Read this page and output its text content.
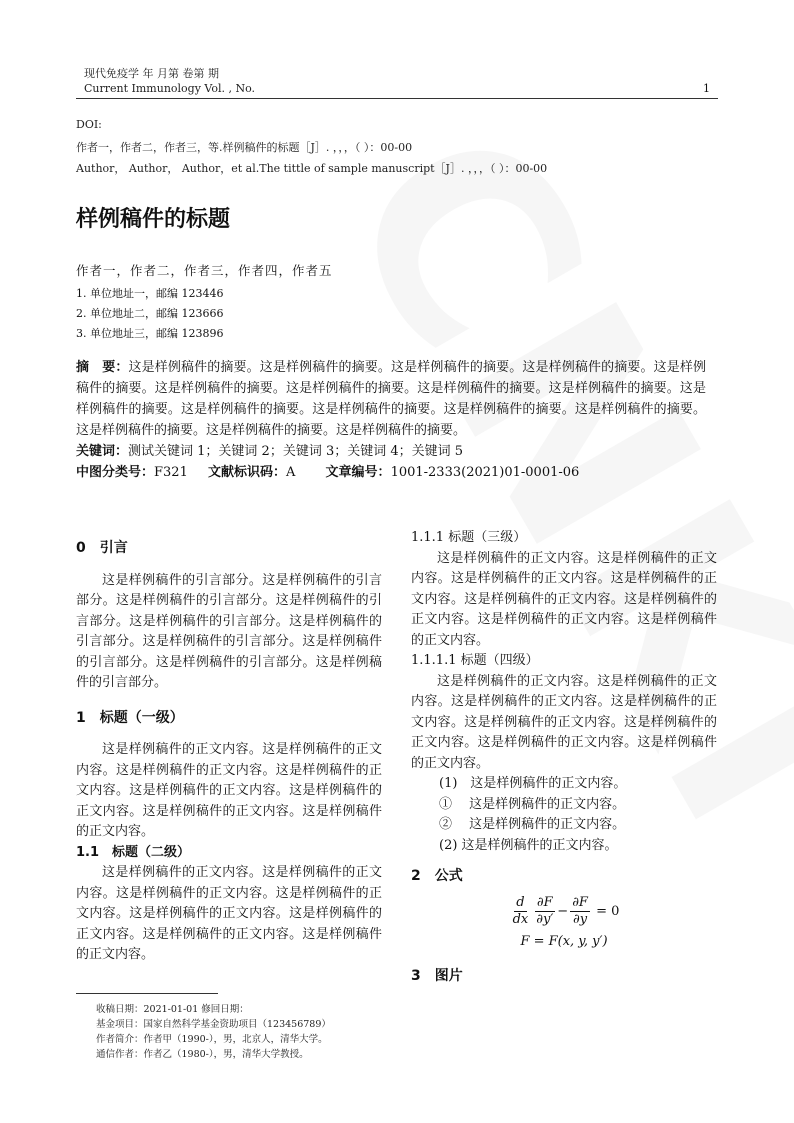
现代免疫学 年 月第 卷第 期
Current Immunology Vol. , No.	1
DOI:
作者一，作者二，作者三，等.样例稿件的标题［J］. ，，，（ ）：00-00
Author， Author， Author，et al.The tittle of sample manuscript［J］. ，，，（ ）：00-00
样例稿件的标题
作者一，作者二，作者三，作者四，作者五
1. 单位地址一，邮编 123446
2. 单位地址二，邮编 123666
3. 单位地址三，邮编 123896
摘　要：这是样例稿件的摘要。这是样例稿件的摘要。这是样例稿件的摘要。这是样例稿件的摘要。这是样例稿件的摘要。这是样例稿件的摘要。这是样例稿件的摘要。这是样例稿件的摘要。这是样例稿件的摘要。这是样例稿件的摘要。这是样例稿件的摘要。这是样例稿件的摘要。这是样例稿件的摘要。这是样例稿件的摘要。这是样例稿件的摘要。这是样例稿件的摘要。这是样例稿件的摘要。
关键词：测试关键词 1；关键词 2；关键词 3；关键词 4；关键词 5
中图分类号：F321 文献标识码：A 文章编号：1001-2333(2021)01-0001-06
0　引言

这是样例稿件的引言部分。这是样例稿件的引言部分。这是样例稿件的引言部分。这是样例稿件的引言部分。这是样例稿件的引言部分。这是样例稿件的引言部分。这是样例稿件的引言部分。这是样例稿件的引言部分。这是样例稿件的引言部分。这是样例稿件的引言部分。

1　标题（一级）

这是样例稿件的正文内容。这是样例稿件的正文内容。这是样例稿件的正文内容。这是样例稿件的正文内容。这是样例稿件的正文内容。这是样例稿件的正文内容。这是样例稿件的正文内容。这是样例稿件的正文内容。

1.1　标题（二级）

这是样例稿件的正文内容。这是样例稿件的正文内容。这是样例稿件的正文内容。这是样例稿件的正文内容。这是样例稿件的正文内容。这是样例稿件的正文内容。这是样例稿件的正文内容。这是样例稿件的正文内容。

1.1.1 标题（三级）

这是样例稿件的正文内容。这是样例稿件的正文内容。这是样例稿件的正文内容。这是样例稿件的正文内容。这是样例稿件的正文内容。这是样例稿件的正文内容。这是样例稿件的正文内容。这是样例稿件的正文内容。

1.1.1.1 标题（四级）

这是样例稿件的正文内容。这是样例稿件的正文内容。这是样例稿件的正文内容。这是样例稿件的正文内容。这是样例稿件的正文内容。这是样例稿件的正文内容。这是样例稿件的正文内容。这是样例稿件的正文内容。

(1)　这是样例稿件的正文内容。
①　 这是样例稿件的正文内容。
②　 这是样例稿件的正文内容。
(2) 这是样例稿件的正文内容。
2　公式
$\frac{d}{dx} \frac{\partial F}{\partial y'} - \frac{\partial F}{\partial y} = 0$
F = F(x, y, y′)
3　图片
收稿日期：2021-01-01 修回日期：
基金项目：国家自然科学基金资助项目（123456789）
作者简介：作者甲（1990-），男，北京人，清华大学。
通信作者：作者乙（1980-），男，清华大学教授。
